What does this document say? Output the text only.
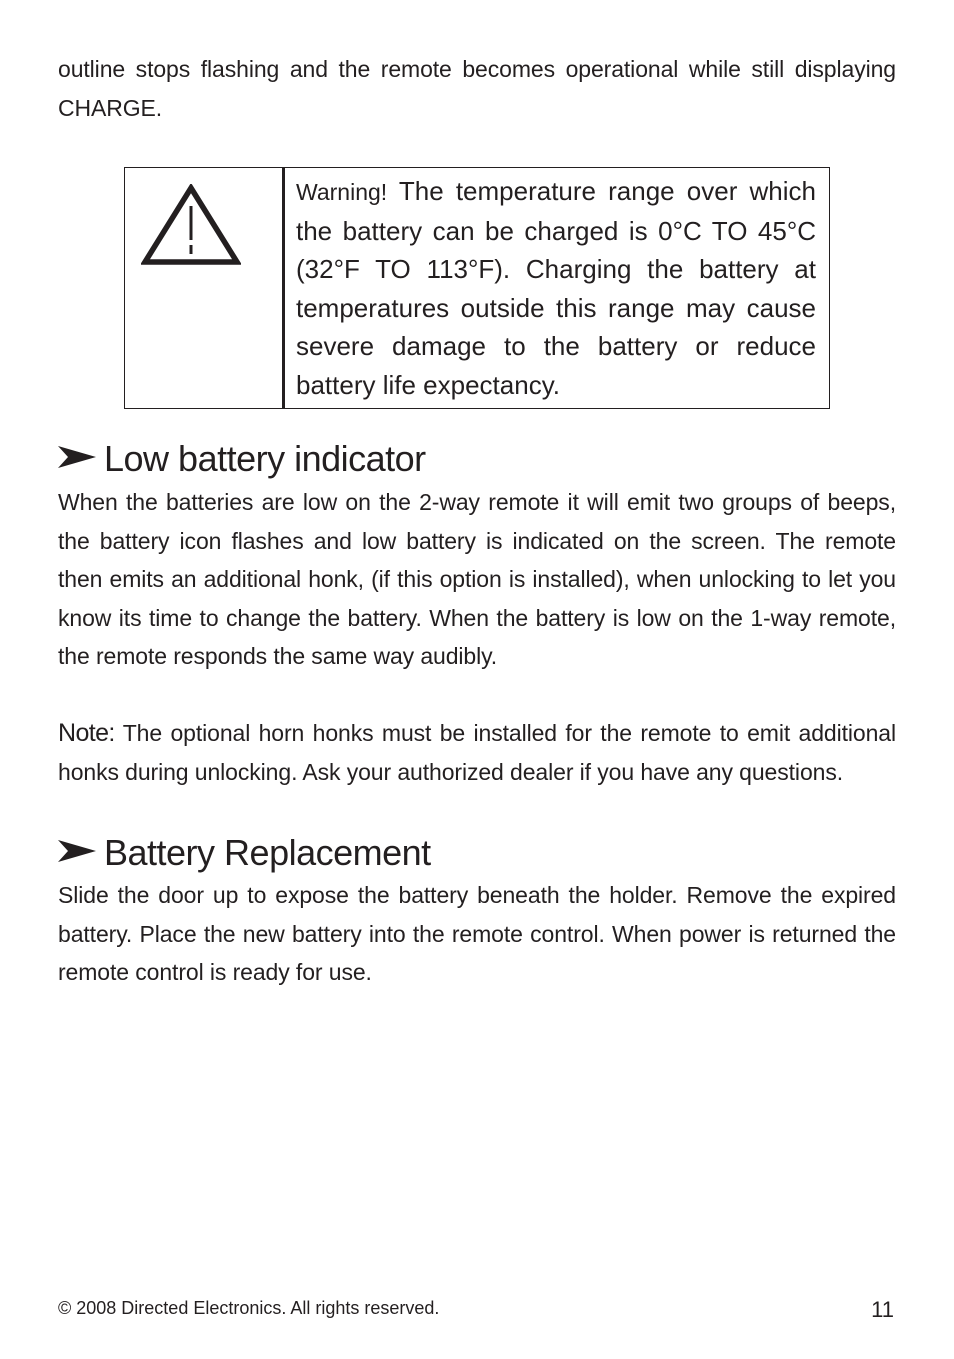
outline stops flashing and the remote becomes operational while still displaying CHARGE.

Warning! The temperature range over which the battery can be charged is 0°C TO 45°C (32°F TO 113°F). Charging the battery at temperatures outside this range may cause severe damage to the battery or reduce battery life expectancy.
Low battery indicator

When the batteries are low on the 2-way remote it will emit two groups of beeps, the battery icon flashes and low battery is indicated on the screen. The remote then emits an additional honk, (if this option is installed), when unlocking to let you know its time to change the battery. When the battery is low on the 1-way remote, the remote responds the same way audibly.

Note: The optional horn honks must be installed for the remote to emit additional honks during unlocking. Ask your authorized dealer if you have any questions.

Battery Replacement

Slide the door up to expose the battery beneath the holder. Remove the expired battery. Place the new battery into the remote control. When power is returned the remote control is ready for use.

© 2008 Directed Electronics. All rights reserved.	11
